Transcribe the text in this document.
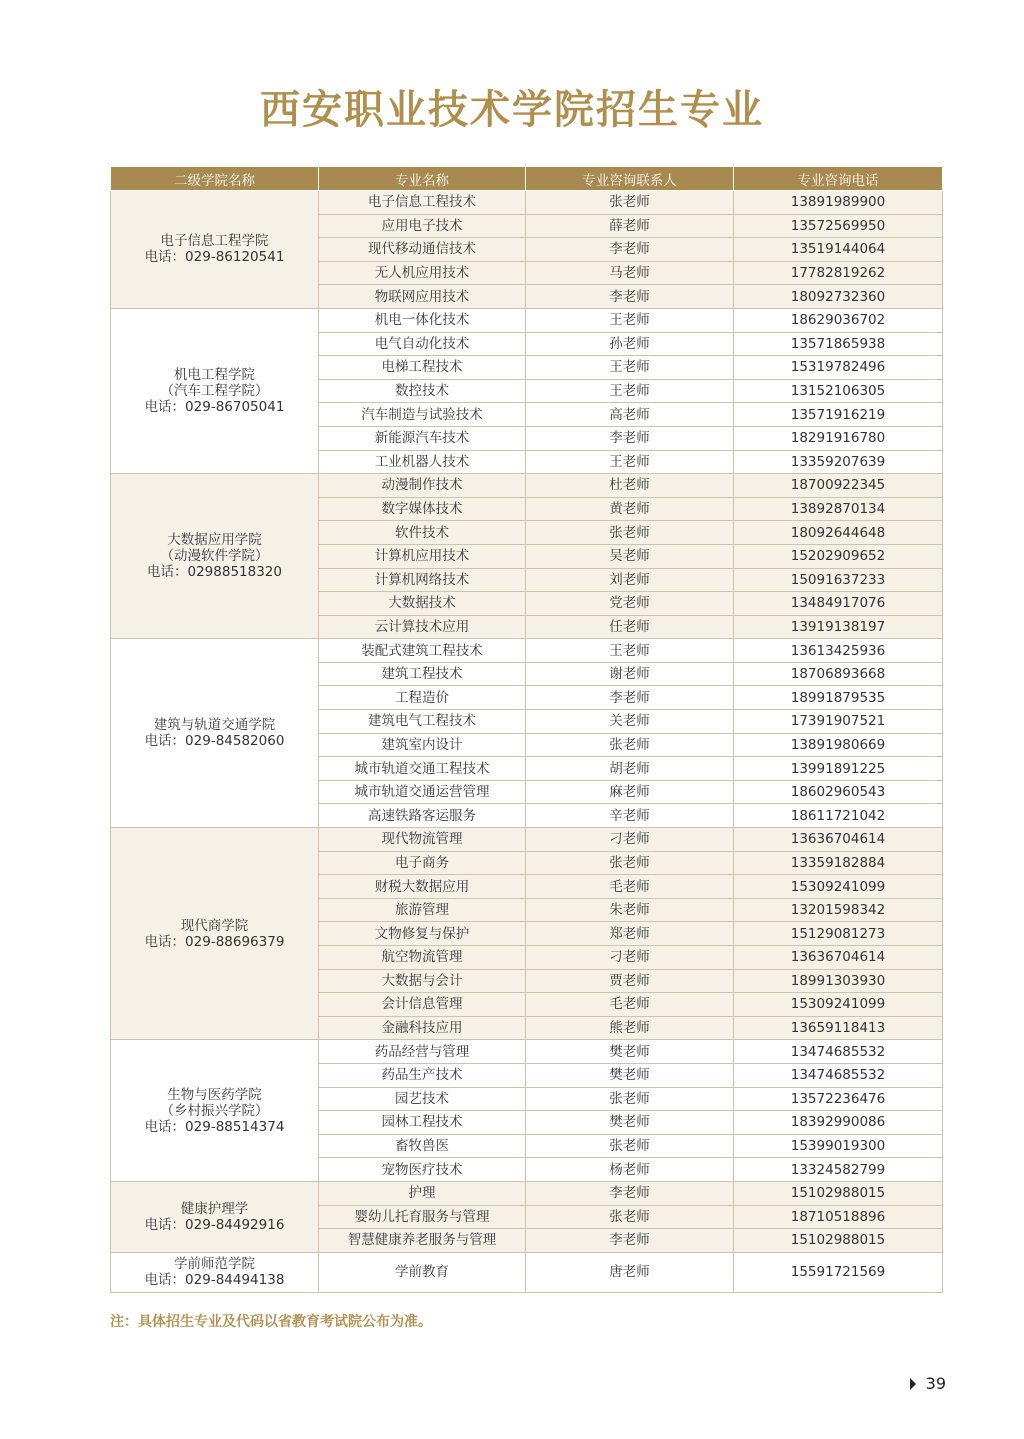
西安职业技术学院招生专业
二级学院名称	专业名称	专业咨询联系人	专业咨询电话

电子信息工程学院
电话：029-86120541	电子信息工程技术	张老师	13891989900
	应用电子技术	薛老师	13572569950
	现代移动通信技术	李老师	13519144064
	无人机应用技术	马老师	17782819262
	物联网应用技术	李老师	18092732360

机电工程学院
（汽车工程学院）
电话：029-86705041	机电一体化技术	王老师	18629036702
	电气自动化技术	孙老师	13571865938
	电梯工程技术	王老师	15319782496
	数控技术	王老师	13152106305
	汽车制造与试验技术	高老师	13571916219
	新能源汽车技术	李老师	18291916780
	工业机器人技术	王老师	13359207639

大数据应用学院
（动漫软件学院）
电话：02988518320	动漫制作技术	杜老师	18700922345
	数字媒体技术	黄老师	13892870134
	软件技术	张老师	18092644648
	计算机应用技术	吴老师	15202909652
	计算机网络技术	刘老师	15091637233
	大数据技术	党老师	13484917076
	云计算技术应用	任老师	13919138197

建筑与轨道交通学院
电话：029-84582060	装配式建筑工程技术	王老师	13613425936
	建筑工程技术	谢老师	18706893668
	工程造价	李老师	18991879535
	建筑电气工程技术	关老师	17391907521
	建筑室内设计	张老师	13891980669
	城市轨道交通工程技术	胡老师	13991891225
	城市轨道交通运营管理	麻老师	18602960543
	高速铁路客运服务	辛老师	18611721042

现代商学院
电话：029-88696379	现代物流管理	刁老师	13636704614
	电子商务	张老师	13359182884
	财税大数据应用	毛老师	15309241099
	旅游管理	朱老师	13201598342
	文物修复与保护	郑老师	15129081273
	航空物流管理	刁老师	13636704614
	大数据与会计	贾老师	18991303930
	会计信息管理	毛老师	15309241099
	金融科技应用	熊老师	13659118413

生物与医药学院
（乡村振兴学院）
电话：029-88514374	药品经营与管理	樊老师	13474685532
	药品生产技术	樊老师	13474685532
	园艺技术	张老师	13572236476
	园林工程技术	樊老师	18392990086
	畜牧兽医	张老师	15399019300
	宠物医疗技术	杨老师	13324582799

健康护理学
电话：029-84492916	护理	李老师	15102988015
	婴幼儿托育服务与管理	张老师	18710518896
	智慧健康养老服务与管理	李老师	15102988015

学前师范学院
电话：029-84494138	学前教育	唐老师	15591721569
注：具体招生专业及代码以省教育考试院公布为准。
39
